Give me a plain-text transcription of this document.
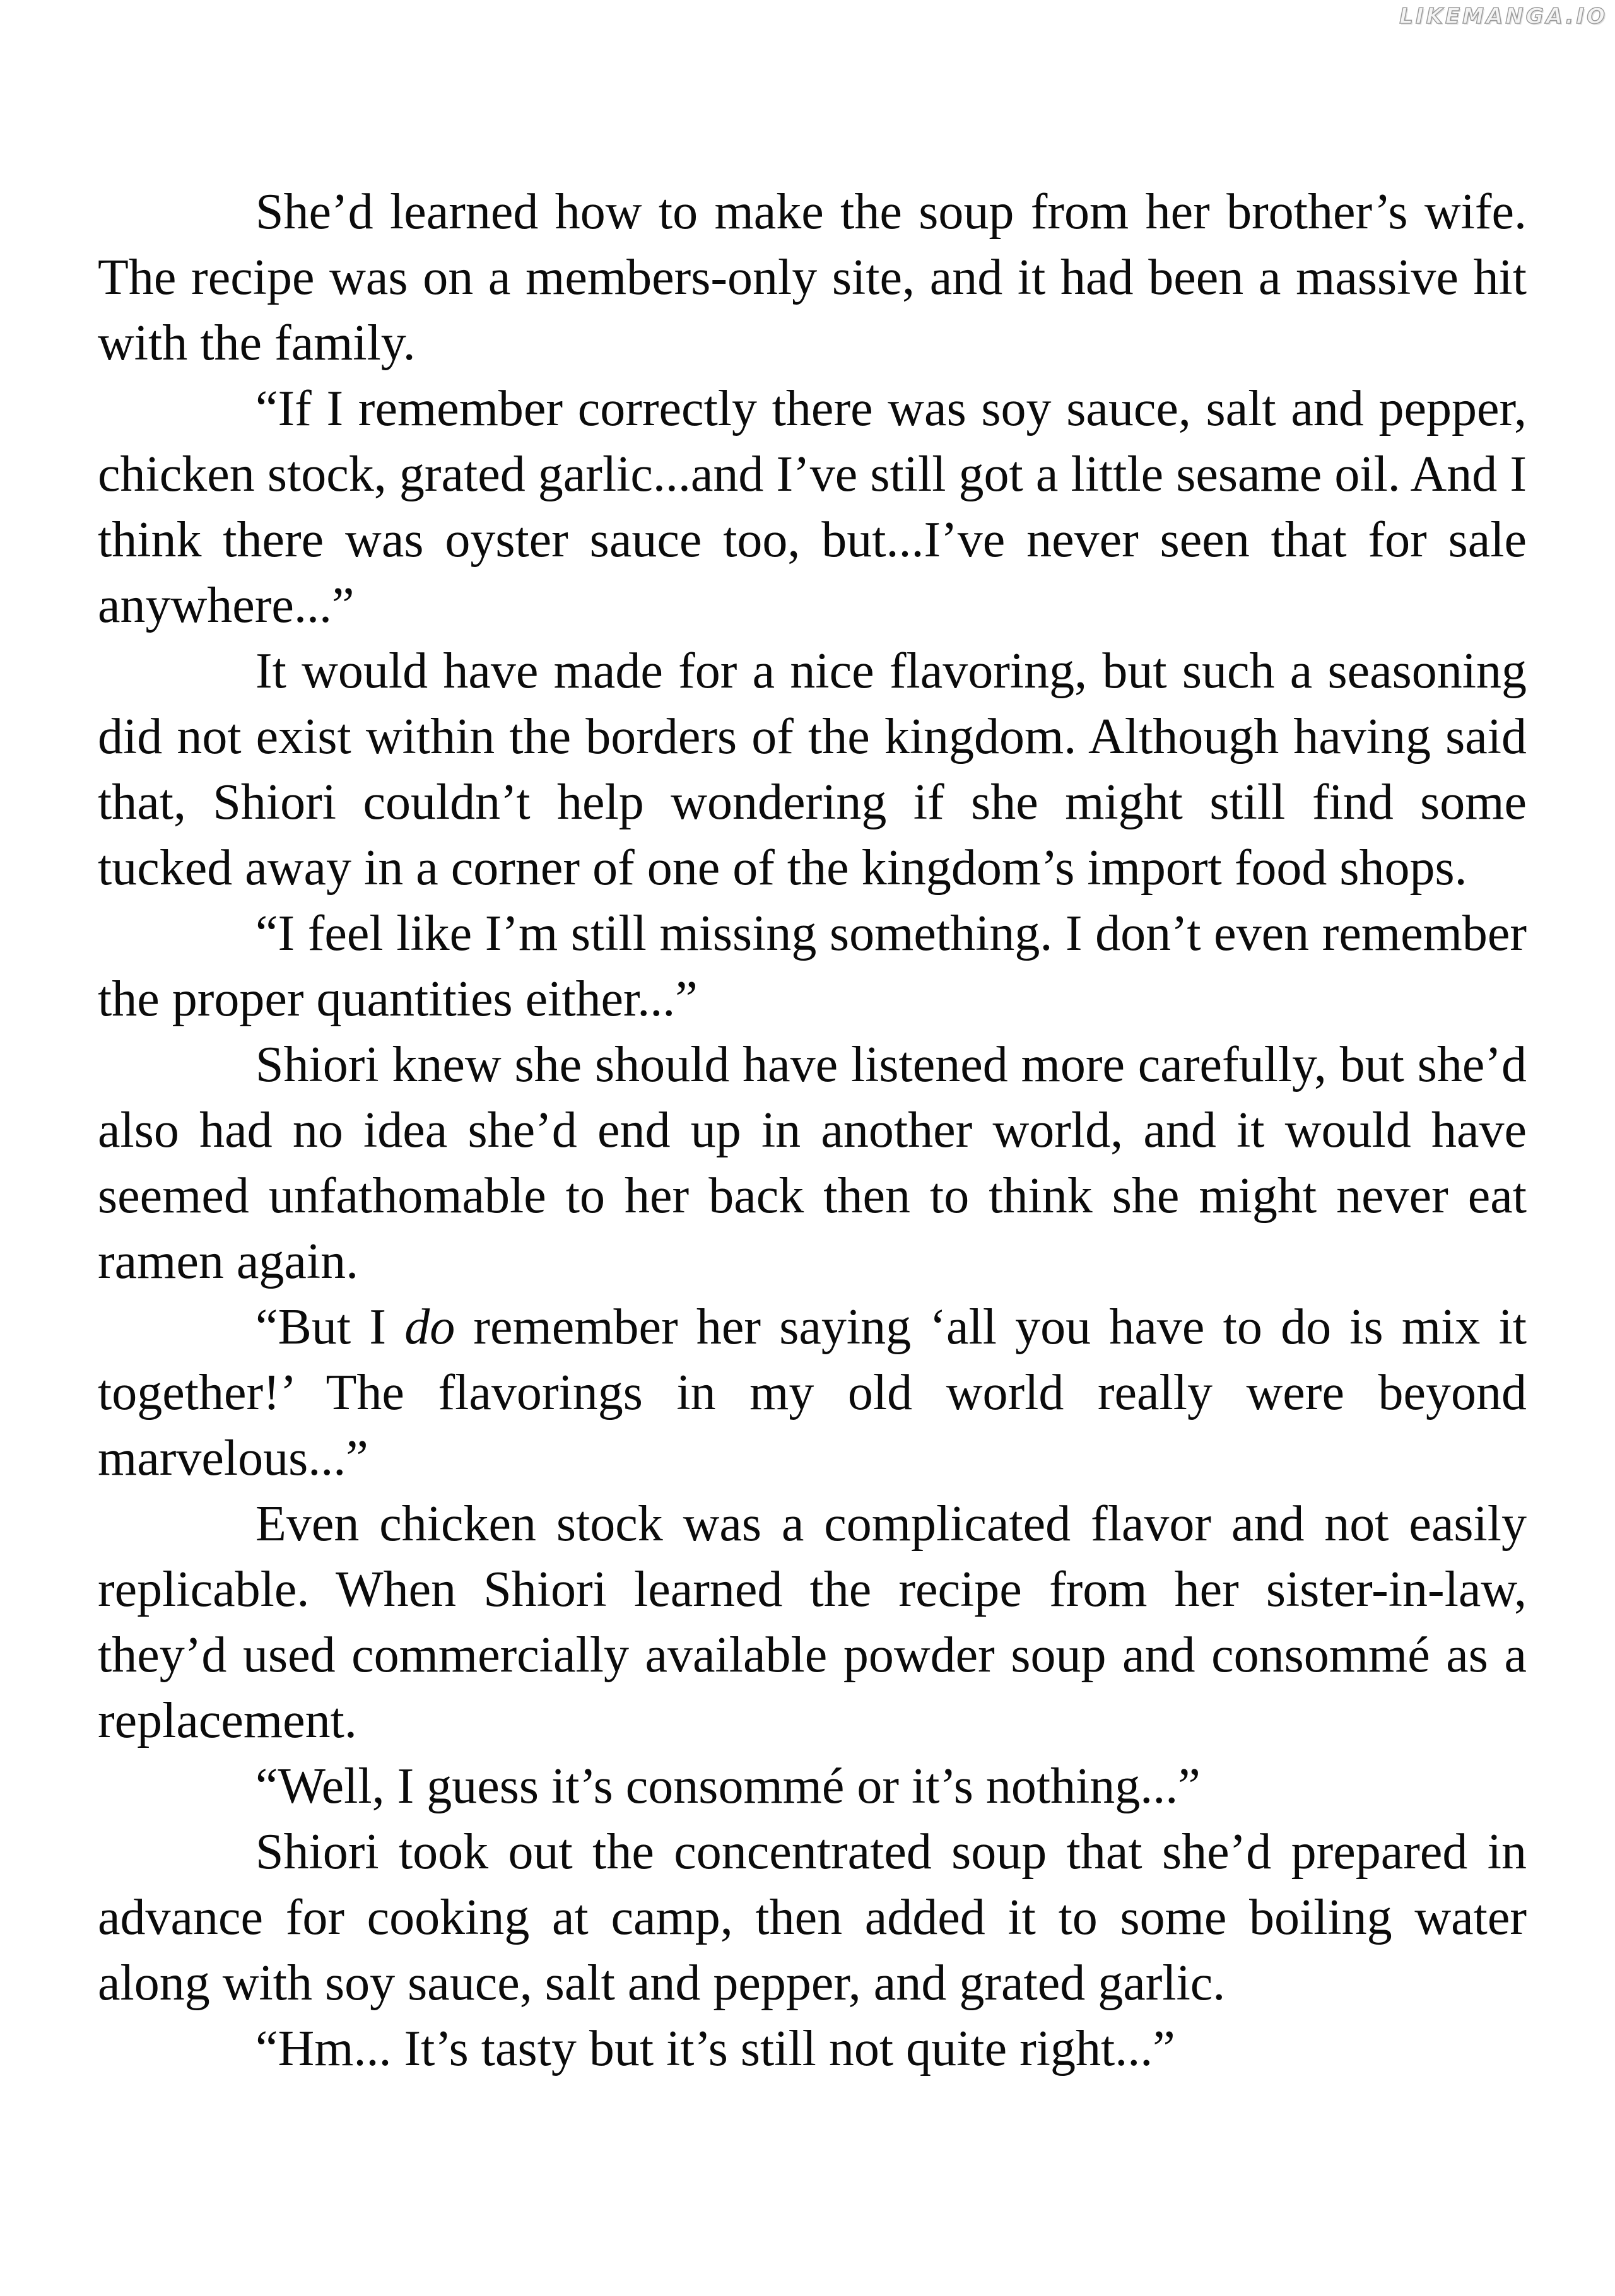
LIKEMANGA.IO

She’d learned how to make the soup from her brother’s wife. The recipe was on a members-only site, and it had been a massive hit with the family.

“If I remember correctly there was soy sauce, salt and pepper, chicken stock, grated garlic...and I’ve still got a little sesame oil. And I think there was oyster sauce too, but...I’ve never seen that for sale anywhere...”

It would have made for a nice flavoring, but such a seasoning did not exist within the borders of the kingdom. Although having said that, Shiori couldn’t help wondering if she might still find some tucked away in a corner of one of the kingdom’s import food shops.

“I feel like I’m still missing something. I don’t even remember the proper quantities either...”

Shiori knew she should have listened more carefully, but she’d also had no idea she’d end up in another world, and it would have seemed unfathomable to her back then to think she might never eat ramen again.

“But I do remember her saying ‘all you have to do is mix it together!’ The flavorings in my old world really were beyond marvelous...”

Even chicken stock was a complicated flavor and not easily replicable. When Shiori learned the recipe from her sister-in-law, they’d used commercially available powder soup and consommé as a replacement.

“Well, I guess it’s consommé or it’s nothing...”

Shiori took out the concentrated soup that she’d prepared in advance for cooking at camp, then added it to some boiling water along with soy sauce, salt and pepper, and grated garlic.

“Hm... It’s tasty but it’s still not quite right...”
